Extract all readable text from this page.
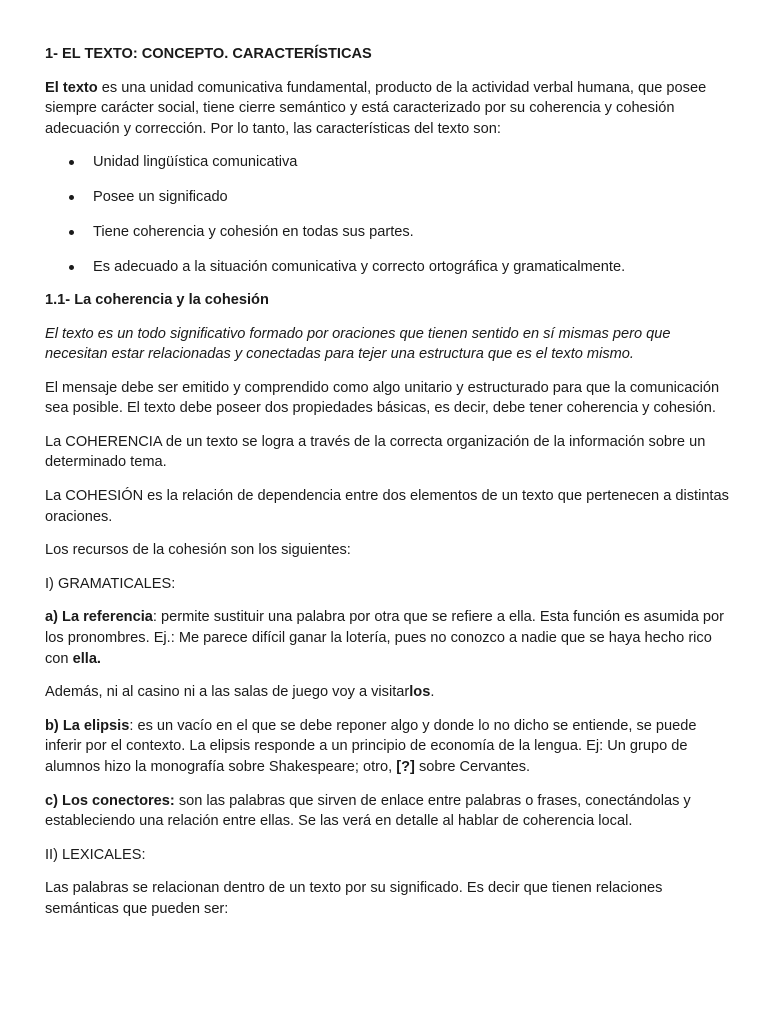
1- EL TEXTO: CONCEPTO. CARACTERÍSTICAS

El texto es una unidad comunicativa fundamental, producto de la actividad verbal humana, que posee siempre carácter social, tiene cierre semántico y está caracterizado por su coherencia y cohesión adecuación y corrección. Por lo tanto, las características del texto son:

Unidad lingüística comunicativa
Posee un significado
Tiene coherencia y cohesión en todas sus partes.
Es adecuado a la situación comunicativa y correcto ortográfica y gramaticalmente.

1.1- La coherencia y la cohesión

El texto es un todo significativo formado por oraciones que tienen sentido en sí mismas pero que necesitan estar relacionadas y conectadas para tejer una estructura que es el texto mismo.

El mensaje debe ser emitido y comprendido como algo unitario y estructurado para que la comunicación sea posible. El texto debe poseer dos propiedades básicas, es decir, debe tener coherencia y cohesión.

La COHERENCIA de un texto se logra a través de la correcta organización de la información sobre un determinado tema.

La COHESIÓN es la relación de dependencia entre dos elementos de un texto que pertenecen a distintas oraciones.

Los recursos de la cohesión son los siguientes:

I) GRAMATICALES:

a) La referencia: permite sustituir una palabra por otra que se refiere a ella. Esta función es asumida por los pronombres. Ej.: Me parece difícil ganar la lotería, pues no conozco a nadie que se haya hecho rico con ella.

Además, ni al casino ni a las salas de juego voy a visitarlos.

b) La elipsis: es un vacío en el que se debe reponer algo y donde lo no dicho se entiende, se puede inferir por el contexto. La elipsis responde a un principio de economía de la lengua. Ej: Un grupo de alumnos hizo la monografía sobre Shakespeare; otro, [?] sobre Cervantes.

c) Los conectores: son las palabras que sirven de enlace entre palabras o frases, conectándolas y estableciendo una relación entre ellas. Se las verá en detalle al hablar de coherencia local.

II) LEXICALES:

Las palabras se relacionan dentro de un texto por su significado. Es decir que tienen relaciones semánticas que pueden ser:
